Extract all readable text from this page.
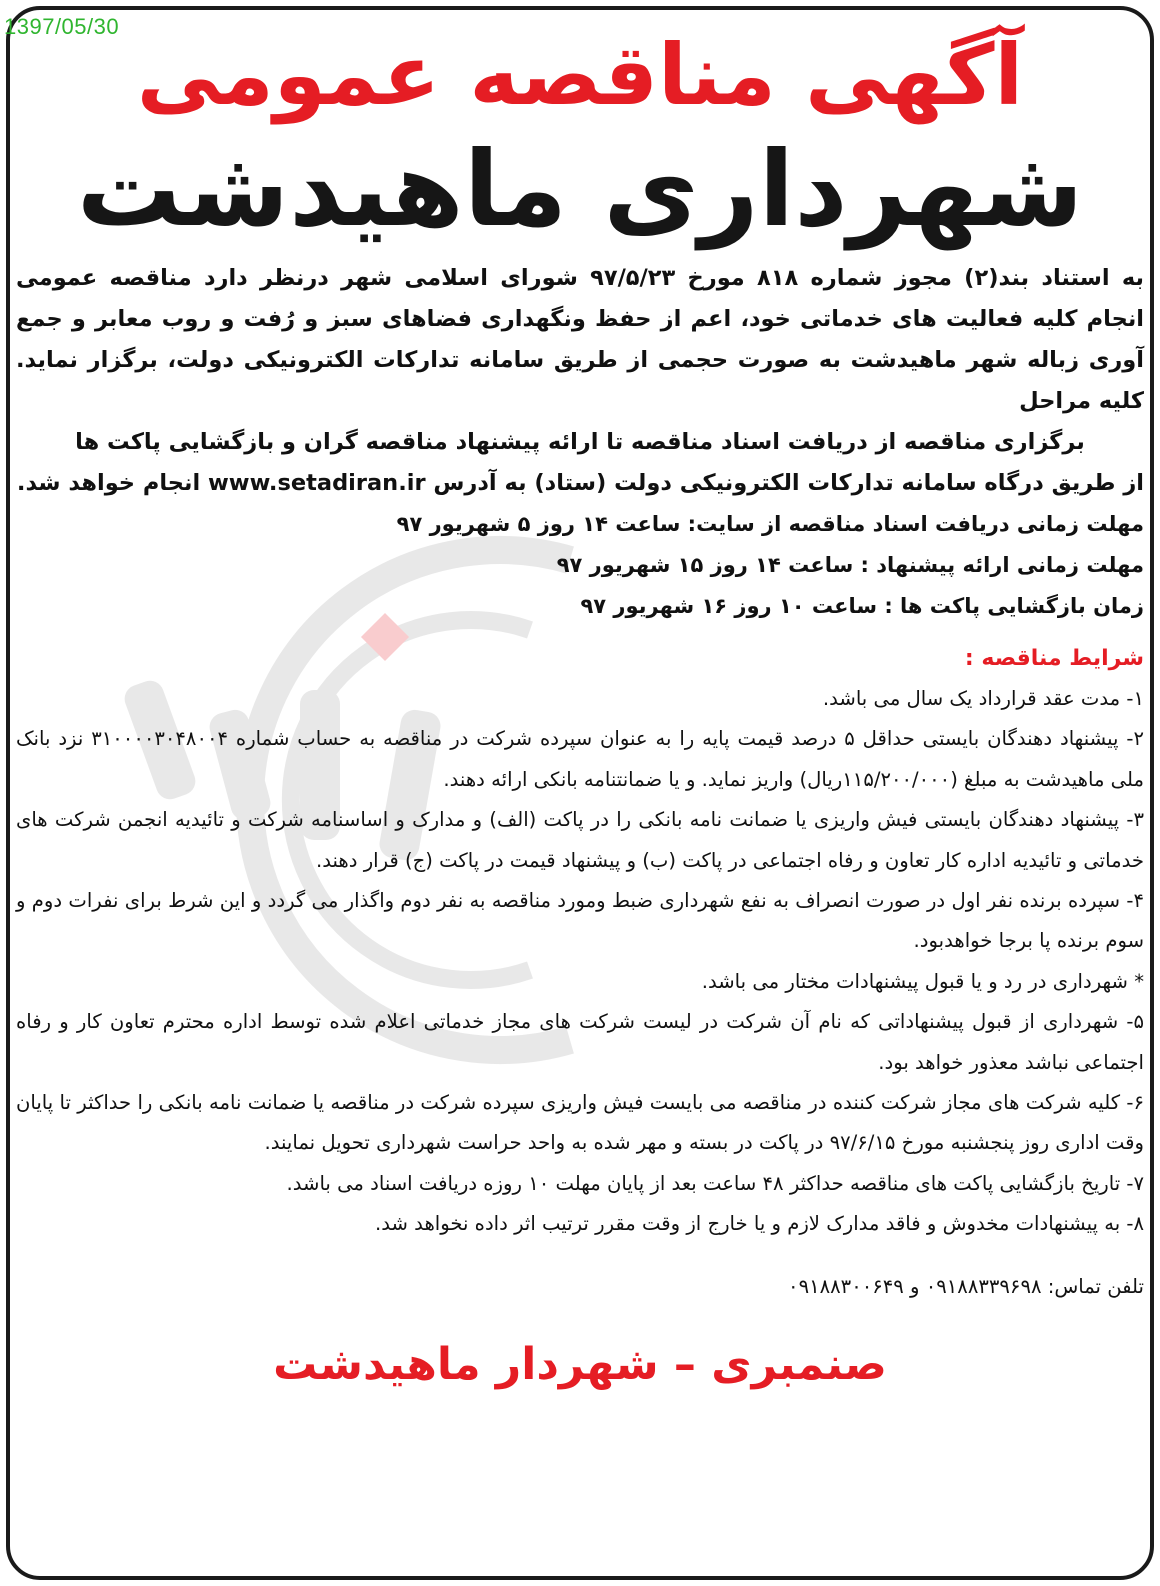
1397/05/30 آگهی مناقصه عمومی
شهرداری ماهیدشت

به استناد بند(۲) مجوز شماره ۸۱۸ مورخ ۹۷/۵/۲۳ شورای اسلامی شهر درنظر دارد مناقصه عمومی انجام کلیه فعالیت های خدماتی خود، اعم از حفظ ونگهداری فضاهای سبز و رُفت و روب معابر و جمع آوری زباله شهر ماهیدشت به صورت حجمی از طریق سامانه تدارکات الکترونیکی دولت، برگزار نماید. کلیه مراحل

برگزاری مناقصه از دریافت اسناد مناقصه تا ارائه پیشنهاد مناقصه گران و بازگشایی پاکت ها

از طریق درگاه سامانه تدارکات الکترونیکی دولت (ستاد) به آدرس www.setadiran.ir انجام خواهد شد.

مهلت زمانی دریافت اسناد مناقصه از سایت: ساعت ۱۴ روز ۵ شهریور ۹۷
مهلت زمانی ارائه پیشنهاد : ساعت ۱۴ روز ۱۵ شهریور ۹۷
زمان بازگشایی پاکت ها : ساعت ۱۰ روز ۱۶ شهریور ۹۷
شرایط مناقصه :

۱- مدت عقد قرارداد یک سال می باشد.

۲- پیشنهاد دهندگان بایستی حداقل ۵ درصد قیمت پایه را به عنوان سپرده شرکت در مناقصه به حساب شماره ۳۱۰۰۰۰۳۰۴۸۰۰۴ نزد بانک ملی ماهیدشت به مبلغ (۱۱۵/۲۰۰/۰۰۰ریال) واریز نماید. و یا ضمانتنامه بانکی ارائه دهند.

۳- پیشنهاد دهندگان بایستی فیش واریزی یا ضمانت نامه بانکی را در پاکت (الف) و مدارک و اساسنامه شرکت و تائیدیه انجمن شرکت های خدماتی و تائیدیه اداره کار تعاون و رفاه اجتماعی در پاکت (ب) و پیشنهاد قیمت در پاکت (ج) قرار دهند.

۴- سپرده برنده نفر اول در صورت انصراف به نفع شهرداری ضبط ومورد مناقصه به نفر دوم واگذار می گردد و این شرط برای نفرات دوم و سوم برنده پا برجا خواهدبود.

* شهرداری در رد و یا قبول پیشنهادات مختار می باشد.

۵- شهرداری از قبول پیشنهاداتی که نام آن شرکت در لیست شرکت های مجاز خدماتی اعلام شده توسط اداره محترم تعاون کار و رفاه اجتماعی نباشد معذور خواهد بود.

۶- کلیه شرکت های مجاز شرکت کننده در مناقصه می بایست فیش واریزی سپرده شرکت در مناقصه یا ضمانت نامه بانکی را حداکثر تا پایان وقت اداری روز پنجشنبه مورخ ۹۷/۶/۱۵ در پاکت در بسته و مهر شده به واحد حراست شهرداری تحویل نمایند.

۷- تاریخ بازگشایی پاکت های مناقصه حداکثر ۴۸ ساعت بعد از پایان مهلت ۱۰ روزه دریافت اسناد می باشد.

۸- به پیشنهادات مخدوش و فاقد مدارک لازم و یا خارج از وقت مقرر ترتیب اثر داده نخواهد شد.

تلفن تماس: ۰۹۱۸۸۳۳۹۶۹۸ و ۰۹۱۸۸۳۰۰۶۴۹
صنمبری – شهردار ماهیدشت
